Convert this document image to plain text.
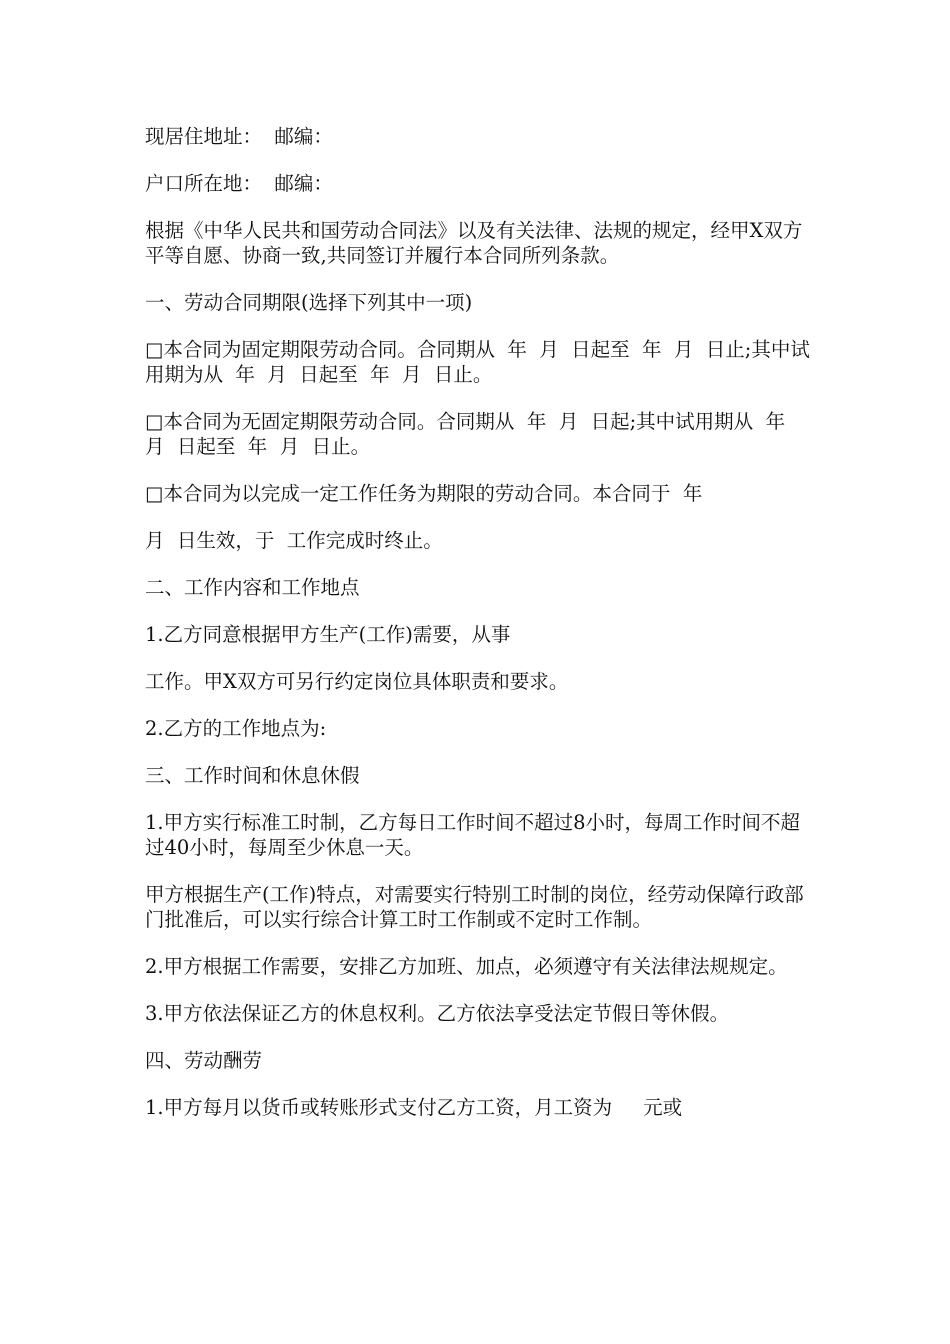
现居住地址：  邮编：

户口所在地：  邮编：

根据《中华人民共和国劳动合同法》以及有关法律、法规的规定，经甲X双方平等自愿、协商一致,共同签订并履行本合同所列条款。

一、劳动合同期限(选择下列其中一项)

□本合同为固定期限劳动合同。合同期从  年  月  日起至  年  月  日止;其中试用期为从  年  月  日起至  年  月  日止。

□本合同为无固定期限劳动合同。合同期从  年  月  日起;其中试用期从  年  月  日起至  年  月  日止。

□本合同为以完成一定工作任务为期限的劳动合同。本合同于  年

月  日生效，于  工作完成时终止。

二、工作内容和工作地点

1.乙方同意根据甲方生产(工作)需要，从事

工作。甲X双方可另行约定岗位具体职责和要求。

2.乙方的工作地点为:

三、工作时间和休息休假

1.甲方实行标准工时制，乙方每日工作时间不超过8小时，每周工作时间不超过40小时，每周至少休息一天。

甲方根据生产(工作)特点，对需要实行特别工时制的岗位，经劳动保障行政部门批准后，可以实行综合计算工时工作制或不定时工作制。

2.甲方根据工作需要，安排乙方加班、加点，必须遵守有关法律法规规定。

3.甲方依法保证乙方的休息权利。乙方依法享受法定节假日等休假。

四、劳动酬劳

1.甲方每月以货币或转账形式支付乙方工资，月工资为     元或
